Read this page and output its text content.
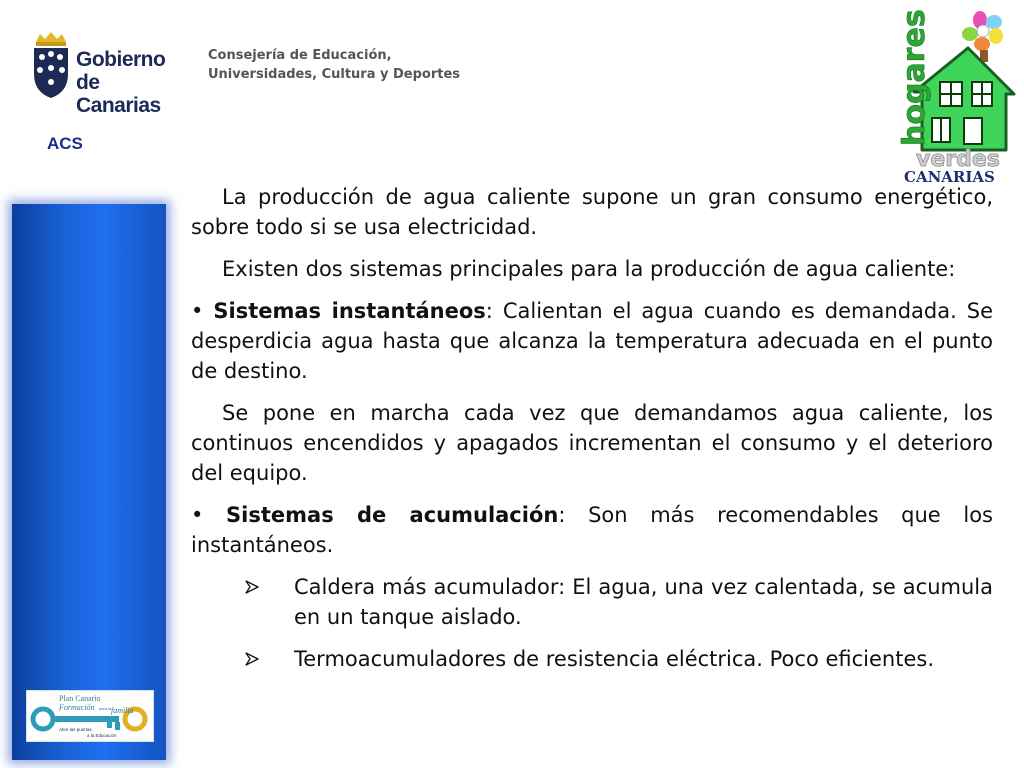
Gobierno
de Canarias
Consejería de Educación,
Universidades, Cultura y Deportes
ACS	hogares
verdes
CANARIAS
Plan Canario
Formación para la familia
Abre las puertas
a la Educación

La producción de agua caliente supone un gran consumo energético, sobre todo si se usa electricidad.

Existen dos sistemas principales para la producción de agua caliente:

• Sistemas instantáneos: Calientan el agua cuando es demandada. Se desperdicia agua hasta que alcanza la temperatura adecuada en el punto de destino.

Se pone en marcha cada vez que demandamos agua caliente, los continuos encendidos y apagados incrementan el consumo y el deterioro del equipo.

• Sistemas de acumulación: Son más recomendables que los instantáneos.

Caldera más acumulador: El agua, una vez calentada, se acumula en un tanque aislado.
Termoacumuladores de resistencia eléctrica. Poco eficientes.
